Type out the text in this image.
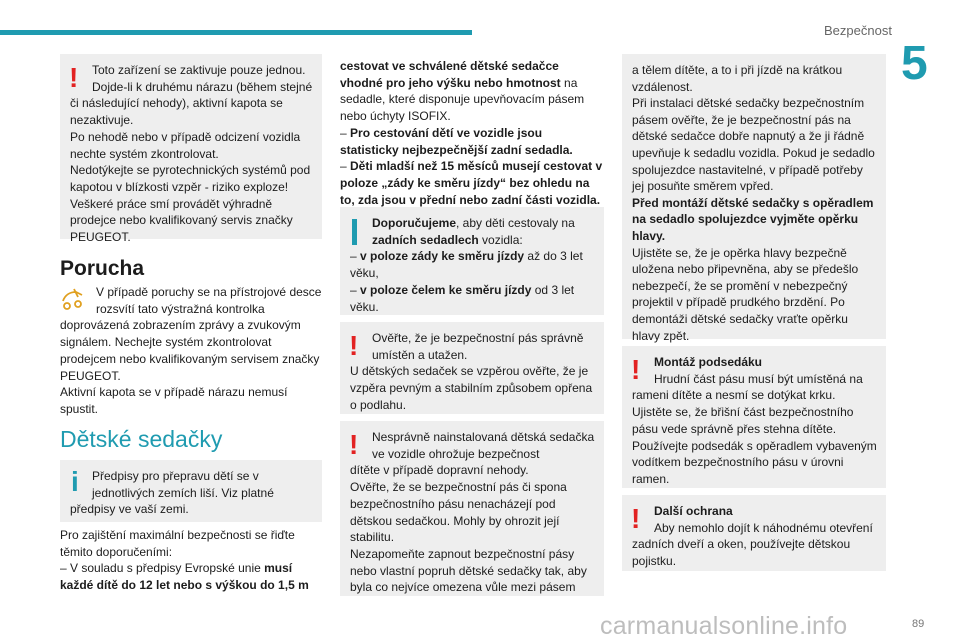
Bezpečnost
5
!	Toto zařízení se zaktivuje pouze jednou. Dojde-li k druhému nárazu (během stejné
či následující nehody), aktivní kapota se nezaktivuje.
Po nehodě nebo v případě odcizení vozidla nechte systém zkontrolovat.
Nedotýkejte se pyrotechnických systémů pod kapotou v blízkosti vzpěr - riziko exploze!
Veškeré práce smí provádět výhradně prodejce nebo kvalifikovaný servis značky PEUGEOT.

Porucha

V případě poruchy se na přístrojové desce rozsvítí tato výstražná kontrolka
doprovázená zobrazením zprávy a zvukovým signálem. Nechejte systém zkontrolovat prodejcem nebo kvalifikovaným servisem značky PEUGEOT.
Aktivní kapota se v případě nárazu nemusí spustit.

Dětské sedačky
i	Předpisy pro přepravu dětí se v jednotlivých zemích liší. Viz platné
předpisy ve vaší zemi.

Pro zajištění maximální bezpečnosti se řiďte těmito doporučeními:

– V souladu s předpisy Evropské unie musí každé dítě do 12 let nebo s výškou do 1,5 m

cestovat ve schválené dětské sedačce vhodné pro jeho výšku nebo hmotnost na sedadle, které disponuje upevňovacím pásem nebo úchyty ISOFIX.

– Pro cestování dětí ve vozidle jsou statisticky nejbezpečnější zadní sedadla.

– Děti mladší než 15 měsíců musejí cestovat v poloze „zády ke směru jízdy“ bez ohledu na to, zda jsou v přední nebo zadní části vozidla.

Doporučujeme, aby děti cestovaly na zadních sedadlech vozidla:
– v poloze zády ke směru jízdy až do 3 let věku,
– v poloze čelem ke směru jízdy od 3 let věku.

!	Ověřte, že je bezpečnostní pás správně umístěn a utažen.
U dětských sedaček se vzpěrou ověřte, že je vzpěra pevným a stabilním způsobem opřena o podlahu.

!	Nesprávně nainstalovaná dětská sedačka ve vozidle ohrožuje bezpečnost
dítěte v případě dopravní nehody.
Ověřte, že se bezpečnostní pás či spona bezpečnostního pásu nenacházejí pod dětskou sedačkou. Mohly by ohrozit její stabilitu.
Nezapomeňte zapnout bezpečnostní pásy nebo vlastní popruh dětské sedačky tak, aby byla co nejvíce omezena vůle mezi pásem

a tělem dítěte, a to i při jízdě na krátkou vzdálenost.
Při instalaci dětské sedačky bezpečnostním pásem ověřte, že je bezpečnostní pás na dětské sedačce dobře napnutý a že ji řádně upevňuje k sedadlu vozidla. Pokud je sedadlo spolujezdce nastavitelné, v případě potřeby jej posuňte směrem vpřed.
Před montáží dětské sedačky s opěradlem na sedadlo spolujezdce vyjměte opěrku hlavy.
Ujistěte se, že je opěrka hlavy bezpečně uložena nebo připevněna, aby se předešlo nebezpečí, že se promění v nebezpečný projektil v případě prudkého brzdění. Po demontáži dětské sedačky vraťte opěrku hlavy zpět.

!	Montáž podsedáku
Hrudní část pásu musí být umístěná na
rameni dítěte a nesmí se dotýkat krku.
Ujistěte se, že břišní část bezpečnostního pásu vede správně přes stehna dítěte.
Používejte podsedák s opěradlem vybaveným vodítkem bezpečnostního pásu v úrovni ramen.

!	Další ochrana
Aby nemohlo dojít k náhodnému otevření
zadních dveří a oken, používejte dětskou pojistku.

carmanualsonline.info	89
